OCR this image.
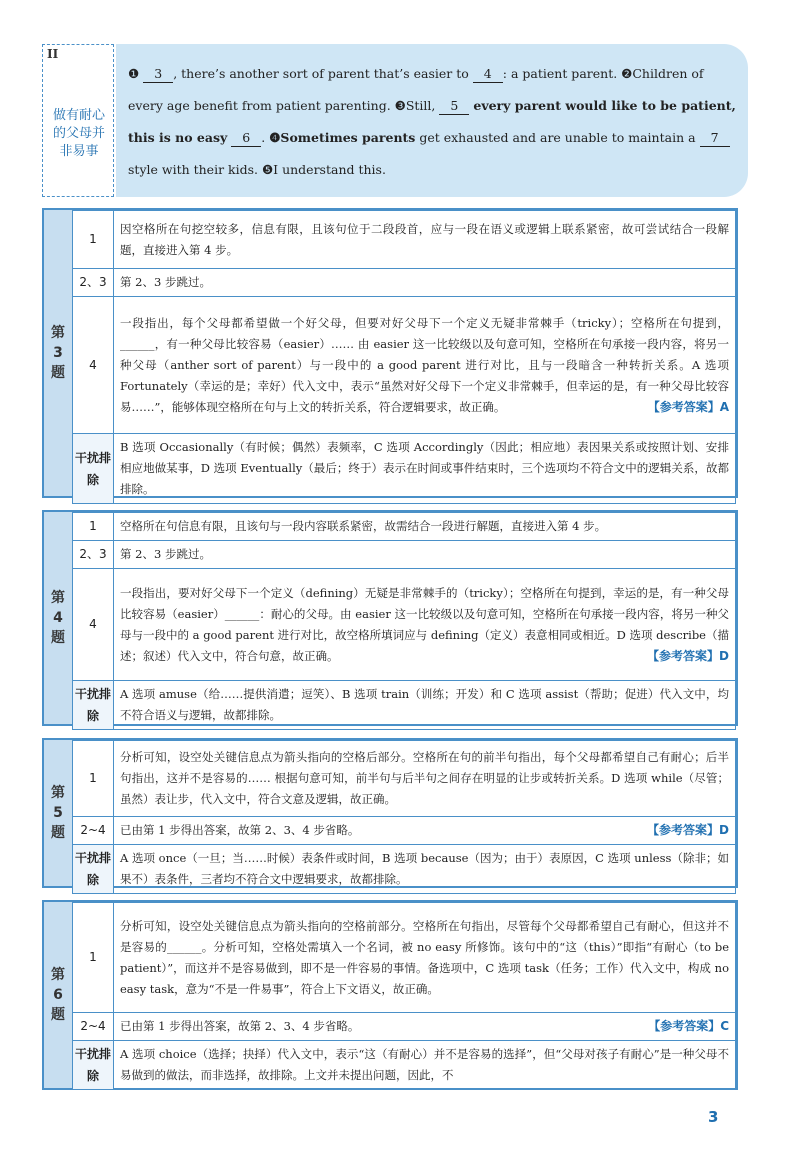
II
做有耐心的父母并非易事
❶ 3 , there’s another sort of parent that’s easier to 4 : a patient parent. ❷Children of every age benefit from patient parenting. ❸Still, 5 every parent would like to be patient, this is no easy 6 . ❹Sometimes parents get exhausted and are unable to maintain a 7 style with their kids. ❺I understand this.
第
3
题
1	因空格所在句挖空较多，信息有限，且该句位于二段段首，应与一段在语义或逻辑上联系紧密，故可尝试结合一段解题，直接进入第 4 步。
2、3	第 2、3 步跳过。
4	一段指出，每个父母都希望做一个好父母，但要对好父母下一个定义无疑非常棘手（tricky）；空格所在句提到，______，有一种父母比较容易（easier）…… 由 easier 这一比较级以及句意可知，空格所在句承接一段内容，将另一种父母（anther sort of parent）与一段中的 a good parent 进行对比，且与一段暗含一种转折关系。A 选项 Fortunately（幸运的是；幸好）代入文中，表示“虽然对好父母下一个定义非常棘手，但幸运的是，有一种父母比较容易……”，能够体现空格所在句与上文的转折关系，符合逻辑要求，故正确。 【参考答案】A

干扰排除	B 选项 Occasionally（有时候；偶然）表频率，C 选项 Accordingly（因此；相应地）表因果关系或按照计划、安排相应地做某事，D 选项 Eventually（最后；终于）表示在时间或事件结束时，三个选项均不符合文中的逻辑关系，故都排除。
第
4
题
1	空格所在句信息有限，且该句与一段内容联系紧密，故需结合一段进行解题，直接进入第 4 步。
2、3	第 2、3 步跳过。
4	一段指出，要对好父母下一个定义（defining）无疑是非常棘手的（tricky）；空格所在句提到，幸运的是，有一种父母比较容易（easier）______：耐心的父母。由 easier 这一比较级以及句意可知，空格所在句承接一段内容，将另一种父母与一段中的 a good parent 进行对比，故空格所填词应与 defining（定义）表意相同或相近。D 选项 describe（描述；叙述）代入文中，符合句意，故正确。 【参考答案】D

干扰排除	A 选项 amuse（给……提供消遣；逗笑）、B 选项 train（训练；开发）和 C 选项 assist（帮助；促进）代入文中，均不符合语义与逻辑，故都排除。
第
5
题
1	分析可知，设空处关键信息点为箭头指向的空格后部分。空格所在句的前半句指出，每个父母都希望自己有耐心；后半句指出，这并不是容易的…… 根据句意可知，前半句与后半句之间存在明显的让步或转折关系。D 选项 while（尽管；虽然）表让步，代入文中，符合文意及逻辑，故正确。
2~4	已由第 1 步得出答案，故第 2、3、4 步省略。 【参考答案】D

干扰排除	A 选项 once（一旦；当……时候）表条件或时间，B 选项 because（因为；由于）表原因，C 选项 unless（除非；如果不）表条件，三者均不符合文中逻辑要求，故都排除。
第
6
题
1	分析可知，设空处关键信息点为箭头指向的空格前部分。空格所在句指出，尽管每个父母都希望自己有耐心，但这并不是容易的______。分析可知，空格处需填入一个名词，被 no easy 所修饰。该句中的“这（this）”即指“有耐心（to be patient）”，而这并不是容易做到，即不是一件容易的事情。备选项中，C 选项 task（任务；工作）代入文中，构成 no easy task，意为“不是一件易事”，符合上下文语义，故正确。
2~4	已由第 1 步得出答案，故第 2、3、4 步省略。 【参考答案】C

干扰排除	A 选项 choice（选择；抉择）代入文中，表示“这（有耐心）并不是容易的选择”，但“父母对孩子有耐心”是一种父母不易做到的做法，而非选择，故排除。上文并未提出问题，因此，不
3
